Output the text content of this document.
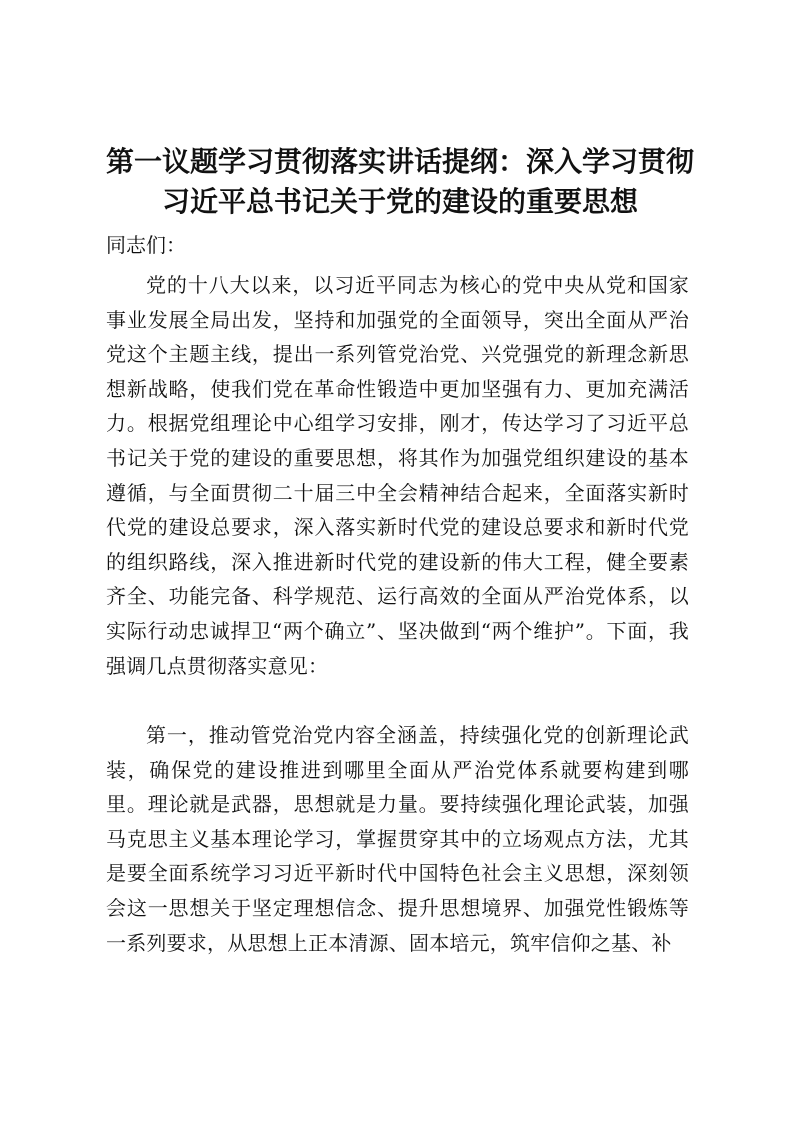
第一议题学习贯彻落实讲话提纲：深入学习贯彻习近平总书记关于党的建设的重要思想

同志们：

党的十八大以来，以习近平同志为核心的党中央从党和国家事业发展全局出发，坚持和加强党的全面领导，突出全面从严治党这个主题主线，提出一系列管党治党、兴党强党的新理念新思想新战略，使我们党在革命性锻造中更加坚强有力、更加充满活力。根据党组理论中心组学习安排，刚才，传达学习了习近平总书记关于党的建设的重要思想，将其作为加强党组织建设的基本遵循，与全面贯彻二十届三中全会精神结合起来，全面落实新时代党的建设总要求，深入落实新时代党的建设总要求和新时代党的组织路线，深入推进新时代党的建设新的伟大工程，健全要素齐全、功能完备、科学规范、运行高效的全面从严治党体系，以实际行动忠诚捍卫“两个确立”、坚决做到“两个维护”。下面，我强调几点贯彻落实意见：

第一，推动管党治党内容全涵盖，持续强化党的创新理论武装，确保党的建设推进到哪里全面从严治党体系就要构建到哪里。理论就是武器，思想就是力量。要持续强化理论武装，加强马克思主义基本理论学习，掌握贯穿其中的立场观点方法，尤其是要全面系统学习习近平新时代中国特色社会主义思想，深刻领会这一思想关于坚定理想信念、提升思想境界、加强党性锻炼等一系列要求，从思想上正本清源、固本培元，筑牢信仰之基、补
